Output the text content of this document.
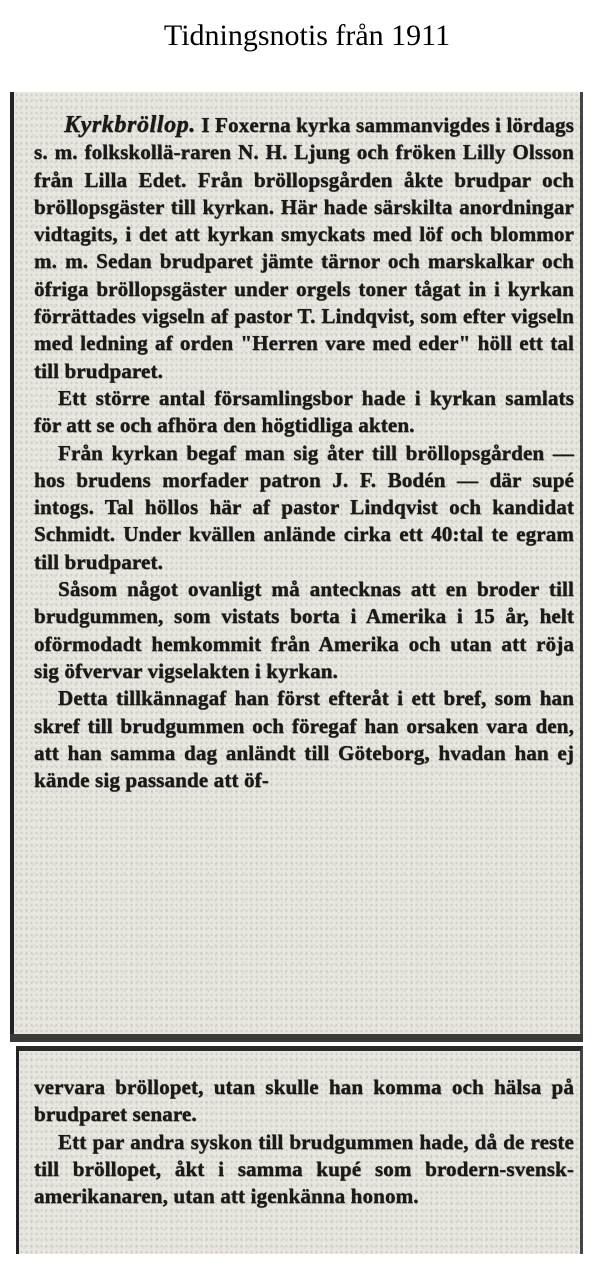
Tidningsnotis från 1911

Kyrkbröllop. I Foxerna kyrka sammanvigdes i lördags s. m. folkskollä-raren N. H. Ljung och fröken Lilly Olsson från Lilla Edet. Från bröllopsgården åkte brudpar och bröllopsgäster till kyrkan. Här hade särskilta anordningar vidtagits, i det att kyrkan smyckats med löf och blommor m. m. Sedan brudparet jämte tärnor och marskalkar och öfriga bröllopsgäster under orgels toner tågat in i kyrkan förrättades vigseln af pastor T. Lindqvist, som efter vigseln med ledning af orden "Herren vare med eder" höll ett tal till brudparet.

Ett större antal församlingsbor hade i kyrkan samlats för att se och afhöra den högtidliga akten.

Från kyrkan begaf man sig åter till bröllopsgården — hos brudens morfader patron J. F. Bodén — där supé intogs. Tal höllos här af pastor Lindqvist och kandidat Schmidt. Under kvällen anlände cirka ett 40:tal te egram till brudparet.

Såsom något ovanligt må antecknas att en broder till brudgummen, som vistats borta i Amerika i 15 år, helt oförmodadt hemkommit från Amerika och utan att röja sig öfvervar vigselakten i kyrkan.

Detta tillkännagaf han först efteråt i ett bref, som han skref till brudgummen och föregaf han orsaken vara den, att han samma dag anländt till Göteborg, hvadan han ej kände sig passande att öf-

vervara bröllopet, utan skulle han komma och hälsa på brudparet senare.

Ett par andra syskon till brudgummen hade, då de reste till bröllopet, åkt i samma kupé som brodern-svensk-amerikanaren, utan att igenkänna honom.
